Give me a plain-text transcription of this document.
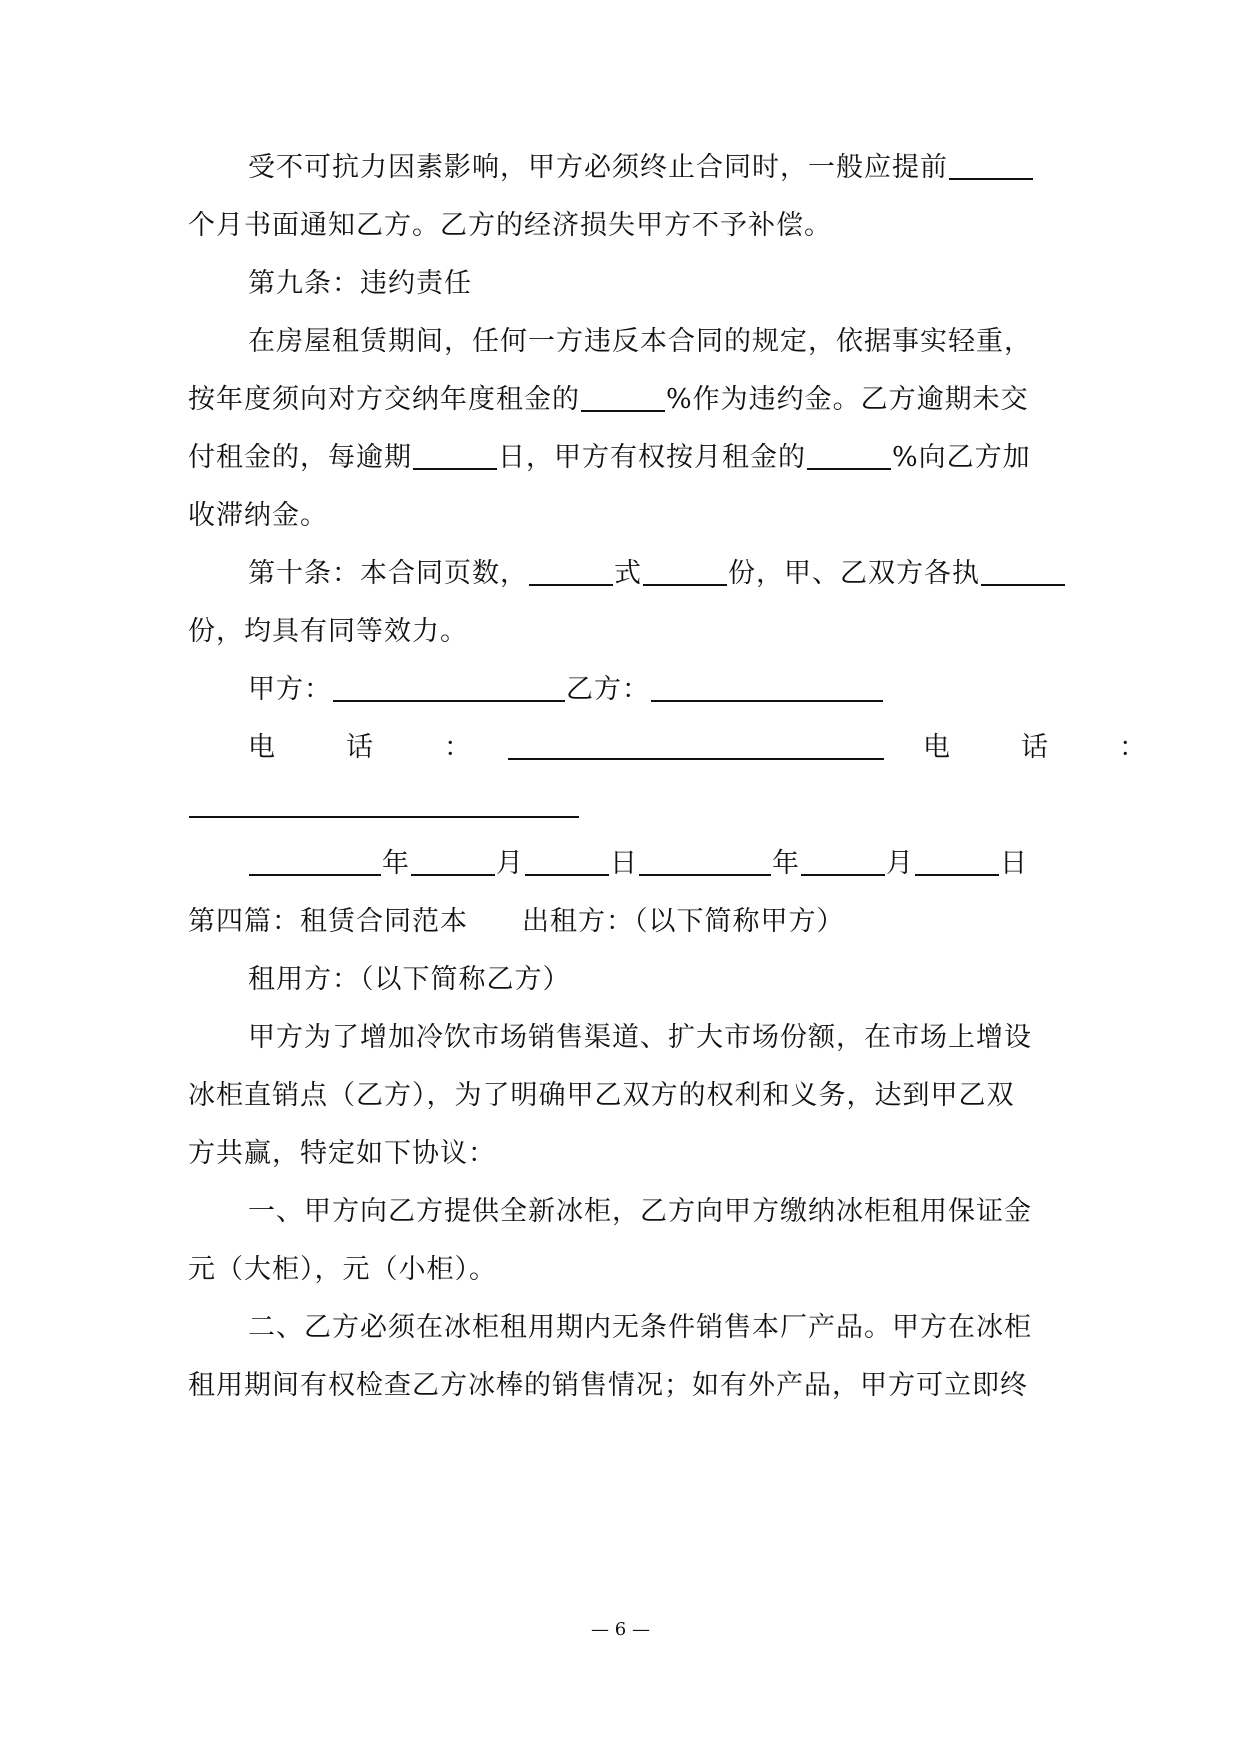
受不可抗力因素影响，甲方必须终止合同时，一般应提前
个月书面通知乙方。乙方的经济损失甲方不予补偿。
第九条：违约责任
在房屋租赁期间，任何一方违反本合同的规定，依据事实轻重，
按年度须向对方交纳年度租金的	%作为违约金。乙方逾期未交
付租金的，每逾期	日，甲方有权按月租金的	%向乙方加
收滞纳金。
第十条：本合同页数，	式	份，甲、乙双方各执
份，均具有同等效力。
甲方：	乙方：
电　话　：	电　话　：
年	月	日	年	月	日
第四篇：租赁合同范本 出租方：（以下简称甲方）
租用方：（以下简称乙方）
甲方为了增加冷饮市场销售渠道、扩大市场份额，在市场上增设
冰柜直销点（乙方），为了明确甲乙双方的权利和义务，达到甲乙双
方共赢，特定如下协议：
一、甲方向乙方提供全新冰柜，乙方向甲方缴纳冰柜租用保证金
元（大柜），元（小柜）。
二、乙方必须在冰柜租用期内无条件销售本厂产品。甲方在冰柜
租用期间有权检查乙方冰棒的销售情况；如有外产品，甲方可立即终
— 6 —
